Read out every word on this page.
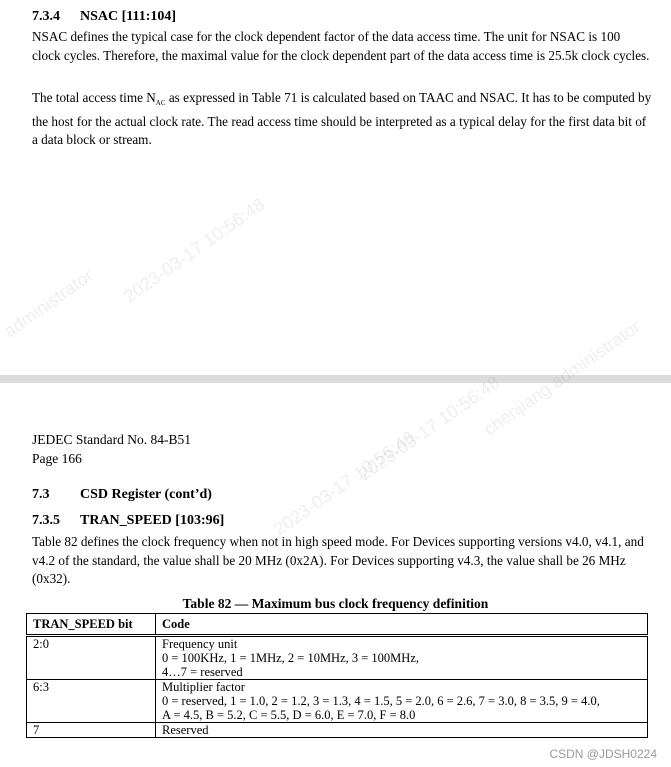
7.3.4 NSAC [111:104]
NSAC defines the typical case for the clock dependent factor of the data access time. The unit for NSAC is 100 clock cycles. Therefore, the maximal value for the clock dependent part of the data access time is 25.5k clock cycles.
The total access time $N_{AC}$ as expressed in Table 71 is calculated based on TAAC and NSAC. It has to be computed by the host for the actual clock rate. The read access time should be interpreted as a typical delay for the first data bit of a data block or stream.
2023-03-17 10:56:48
administrator
JEDEC Standard No. 84-B51
Page 166
7.3 CSD Register (cont’d)
7.3.5 TRAN_SPEED [103:96]
Table 82 defines the clock frequency when not in high speed mode. For Devices supporting versions v4.0, v4.1, and v4.2 of the standard, the value shall be 20 MHz (0x2A). For Devices supporting v4.3, the value shall be 26 MHz (0x32).
Table 82 — Maximum bus clock frequency definition
TRAN_SPEED bit	Code
2:0	Frequency unit
0 = 100KHz, 1 = 1MHz, 2 = 10MHz, 3 = 100MHz,
4…7 = reserved

6:3	Multiplier factor
0 = reserved, 1 = 1.0, 2 = 1.2, 3 = 1.3, 4 = 1.5, 5 = 2.0, 6 = 2.6, 7 = 3.0, 8 = 3.5, 9 = 4.0,
A = 4.5, B = 5.2, C = 5.5, D = 6.0, E = 7.0, F = 8.0

7	Reserved
2023-03-17 10:56:48
2023-03-17 10:56:48
CSDN @JDSH0224
